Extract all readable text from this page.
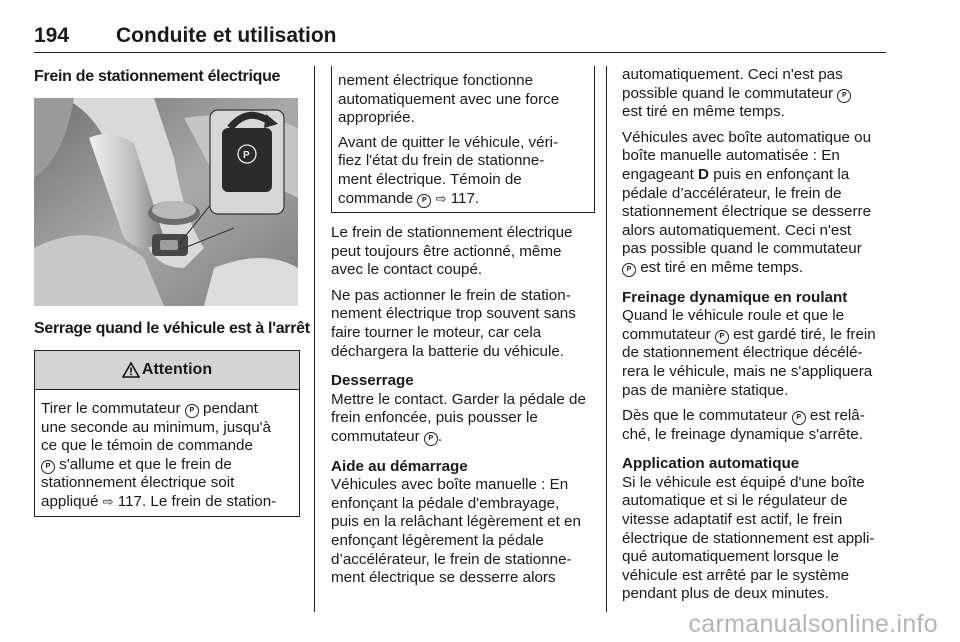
194 Conduite et utilisation
Frein de stationnement électrique
P
Serrage quand le véhicule est à l'arrêt
Attention
Tirer le commutateur P pendant
une seconde au minimum, jusqu'à
ce que le témoin de commande
P s'allume et que le frein de
stationnement électrique soit
appliqué ⇨ 117. Le frein de station-

nement électrique fonctionne
automatiquement avec une force
appropriée.

Avant de quitter le véhicule, véri-
fiez l'état du frein de stationne-
ment électrique. Témoin de
commande P ⇨ 117.

Le frein de stationnement électrique
peut toujours être actionné, même
avec le contact coupé.

Ne pas actionner le frein de station-
nement électrique trop souvent sans
faire tourner le moteur, car cela
déchargera la batterie du véhicule.

Desserrage
Mettre le contact. Garder la pédale de
frein enfoncée, puis pousser le
commutateur P .

Aide au démarrage
Véhicules avec boîte manuelle : En
enfonçant la pédale d'embrayage,
puis en la relâchant légèrement et en
enfonçant légèrement la pédale
d’accélérateur, le frein de stationne-
ment électrique se desserre alors

automatiquement. Ceci n'est pas
possible quand le commutateur P
est tiré en même temps.

Véhicules avec boîte automatique ou
boîte manuelle automatisée : En
engageant D puis en enfonçant la
pédale d’accélérateur, le frein de
stationnement électrique se desserre
alors automatiquement. Ceci n'est
pas possible quand le commutateur
P est tiré en même temps.

Freinage dynamique en roulant
Quand le véhicule roule et que le
commutateur P est gardé tiré, le frein
de stationnement électrique décélé-
rera le véhicule, mais ne s'appliquera
pas de manière statique.

Dès que le commutateur P est relâ-
ché, le freinage dynamique s'arrête.

Application automatique
Si le véhicule est équipé d'une boîte
automatique et si le régulateur de
vitesse adaptatif est actif, le frein
électrique de stationnement est appli-
qué automatiquement lorsque le
véhicule est arrêté par le système
pendant plus de deux minutes.

carmanualsonline.info
